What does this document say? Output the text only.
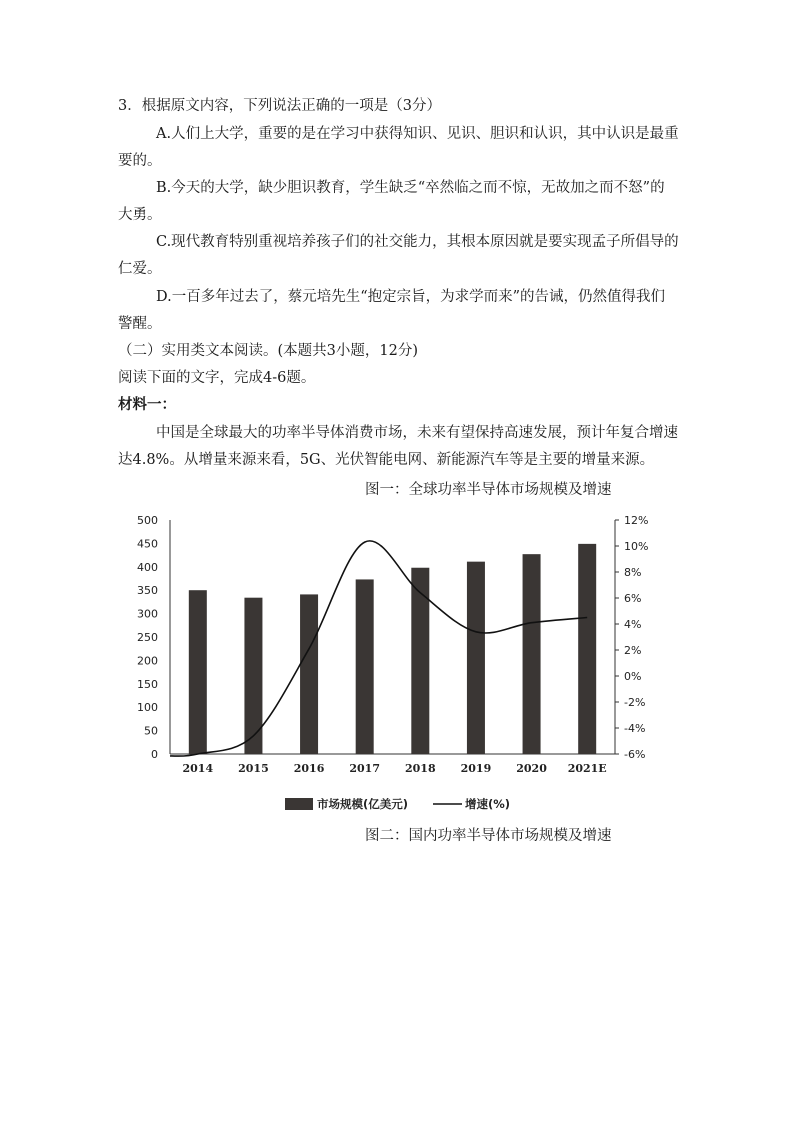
3．根据原文内容，下列说法正确的一项是（3分）
A.人们上大学，重要的是在学习中获得知识、见识、胆识和认识，其中认识是最重
要的。
B.今天的大学，缺少胆识教育，学生缺乏“卒然临之而不惊，无故加之而不怒”的
大勇。
C.现代教育特别重视培养孩子们的社交能力，其根本原因就是要实现孟子所倡导的
仁爱。
D.一百多年过去了，蔡元培先生“抱定宗旨，为求学而来”的告诫，仍然值得我们
警醒。
（二）实用类文本阅读。(本题共3小题，12分)
阅读下面的文字，完成4-6题。
材料一：
中国是全球最大的功率半导体消费市场，未来有望保持高速发展，预计年复合增速
达4.8%。从增量来源来看，5G、光伏智能电网、新能源汽车等是主要的增量来源。
图一：全球功率半导体市场规模及增速
0
50
100
150
200
250
300
350
400
450
500
-6%
-4%
-2%
0%
2%
4%
6%
8%
10%
12%
2014 2015 2016 2017 2018 2019 2020 2021E
市场规模(亿美元)	增速(%)
图二：国内功率半导体市场规模及增速
